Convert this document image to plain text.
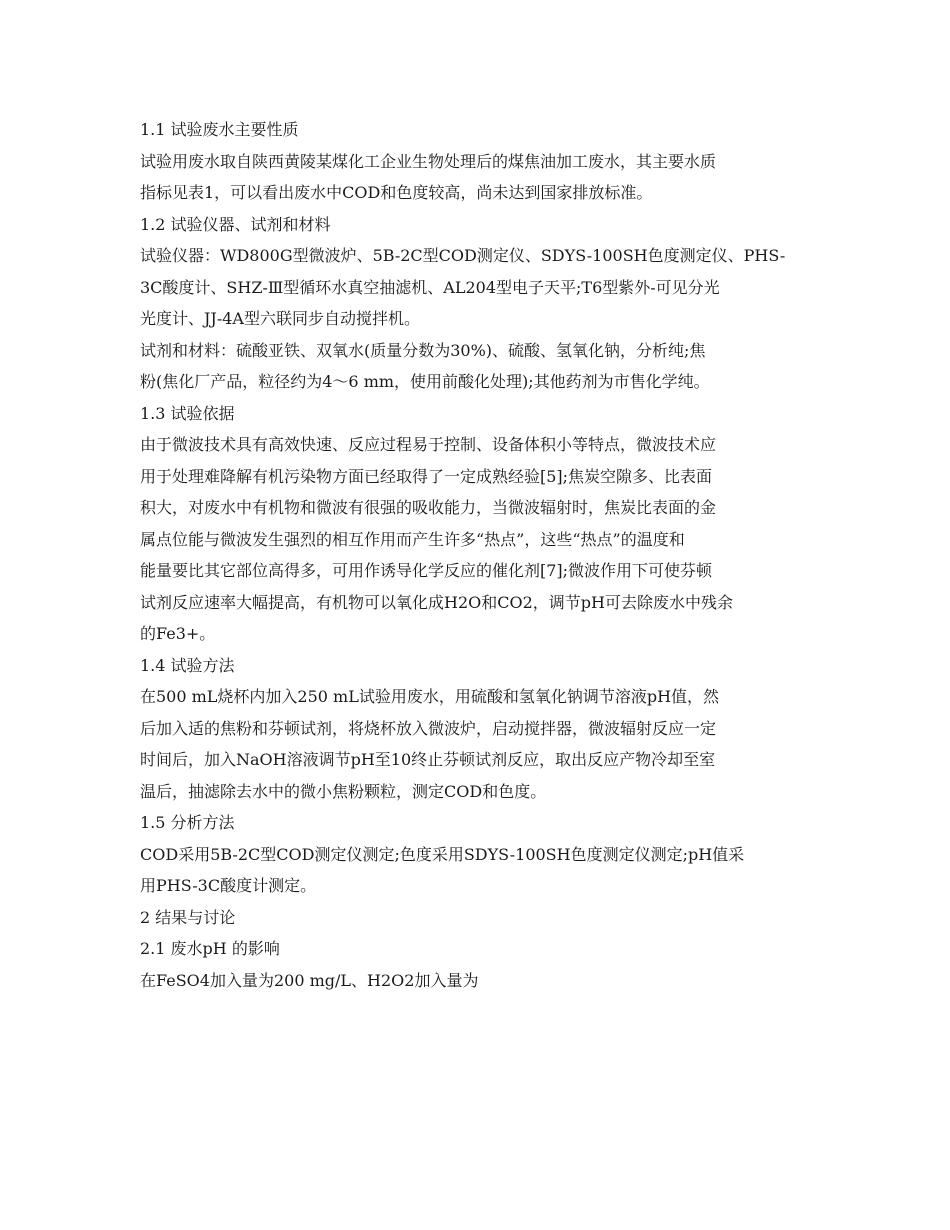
1.1 试验废水主要性质
试验用废水取自陕西黄陵某煤化工企业生物处理后的煤焦油加工废水，其主要水质
指标见表1，可以看出废水中COD和色度较高，尚未达到国家排放标准。
1.2 试验仪器、试剂和材料
试验仪器：WD800G型微波炉、5B-2C型COD测定仪、SDYS-100SH色度测定仪、PHS-
3C酸度计、SHZ-Ⅲ型循环水真空抽滤机、AL204型电子天平;T6型紫外-可见分光
光度计、JJ-4A型六联同步自动搅拌机。
试剂和材料：硫酸亚铁、双氧水(质量分数为30%)、硫酸、氢氧化钠，分析纯;焦
粉(焦化厂产品，粒径约为4～6 mm，使用前酸化处理);其他药剂为市售化学纯。
1.3 试验依据
由于微波技术具有高效快速、反应过程易于控制、设备体积小等特点，微波技术应
用于处理难降解有机污染物方面已经取得了一定成熟经验[5];焦炭空隙多、比表面
积大，对废水中有机物和微波有很强的吸收能力，当微波辐射时，焦炭比表面的金
属点位能与微波发生强烈的相互作用而产生许多“热点”，这些“热点”的温度和
能量要比其它部位高得多，可用作诱导化学反应的催化剂[7];微波作用下可使芬顿
试剂反应速率大幅提高，有机物可以氧化成H2O和CO2，调节pH可去除废水中残余
的Fe3+。
1.4 试验方法
在500 mL烧杯内加入250 mL试验用废水，用硫酸和氢氧化钠调节溶液pH值，然
后加入适的焦粉和芬顿试剂，将烧杯放入微波炉，启动搅拌器，微波辐射反应一定
时间后，加入NaOH溶液调节pH至10终止芬顿试剂反应，取出反应产物冷却至室
温后，抽滤除去水中的微小焦粉颗粒，测定COD和色度。
1.5 分析方法
COD采用5B-2C型COD测定仪测定;色度采用SDYS-100SH色度测定仪测定;pH值采
用PHS-3C酸度计测定。
2 结果与讨论
2.1 废水pH 的影响
在FeSO4加入量为200 mg/L、H2O2加入量为
